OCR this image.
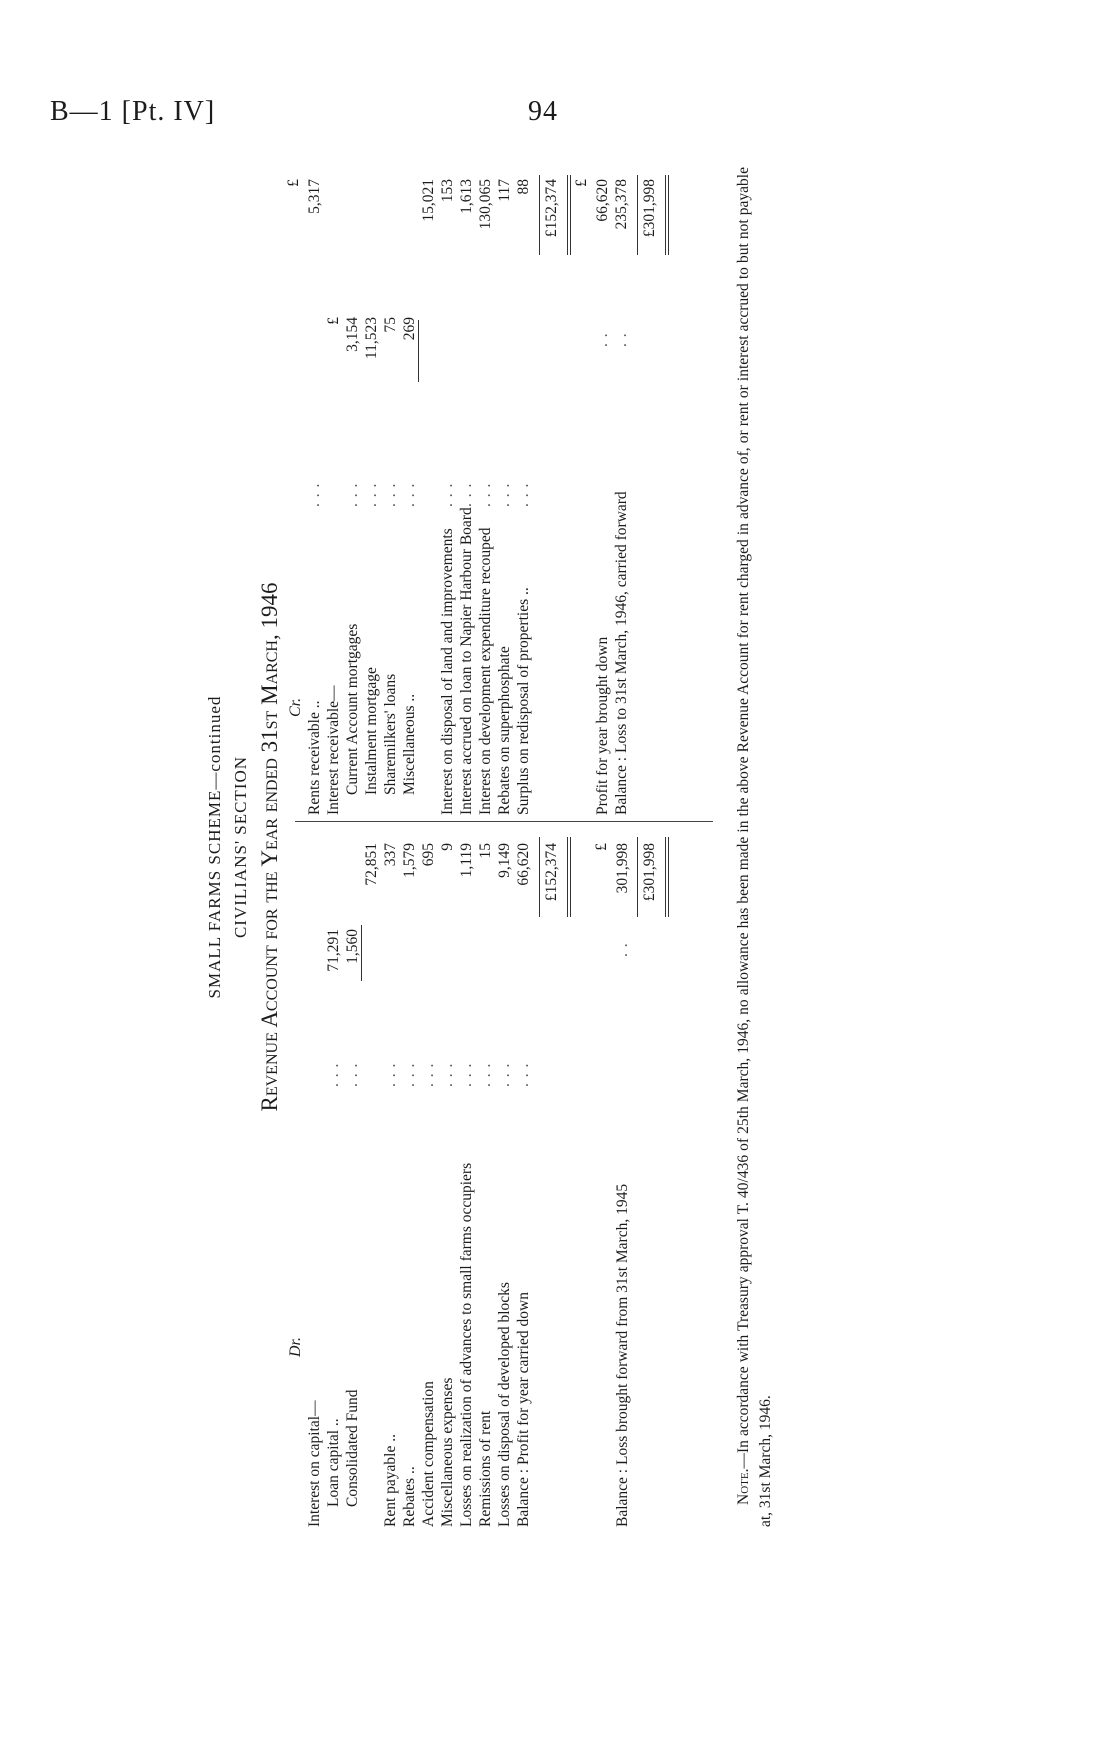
B—1 [Pt. IV]	94
SMALL FARMS SCHEME—continued CIVILIANS' SECTION Revenue Account for the Year ended 31st March, 1946
Dr.
Cr.
Interest on capital— Loan capital ..
. . .
71,291
Consolidated Fund
. . .
1,560
72,851
Rent payable ..
. . .
337
Rebates ..
. . .
1,579
Accident compensation
. . .
695
Miscellaneous expenses
. . .
9
Losses on realization of advances to small farms occupiers
. . .
1,119
Remissions of rent
. . .
15
Losses on disposal of developed blocks
. . .
9,149
Balance : Profit for year carried down
. . .
66,620 £152,374 £
Balance : Loss brought forward from 31st March, 1945
. .
301,998 £301,998
£
Rents receivable ..
. . .
5,317
Interest receivable—
£
Current Account mortgages
. . .
3,154
Instalment mortgage
. . .
11,523
Sharemilkers' loans
. . .
75
Miscellaneous ..
. . .
269
15,021
Interest on disposal of land and improvements
. . .
153
Interest accrued on loan to Napier Harbour Board
. . .
1,613
Interest on development expenditure recouped
. . .
130,065
Rebates on superphosphate
. . .
117
Surplus on redisposal of properties ..
. . .
88 £152,374 £
Profit for year brought down
. .
66,620
Balance : Loss to 31st March, 1946, carried forward
. .
235,378 £301,998
Note.—In accordance with Treasury approval T. 40/436 of 25th March, 1946, no allowance has been made in the above Revenue Account for rent charged in advance of, or rent or interest accrued to but not payable at, 31st March, 1946.
